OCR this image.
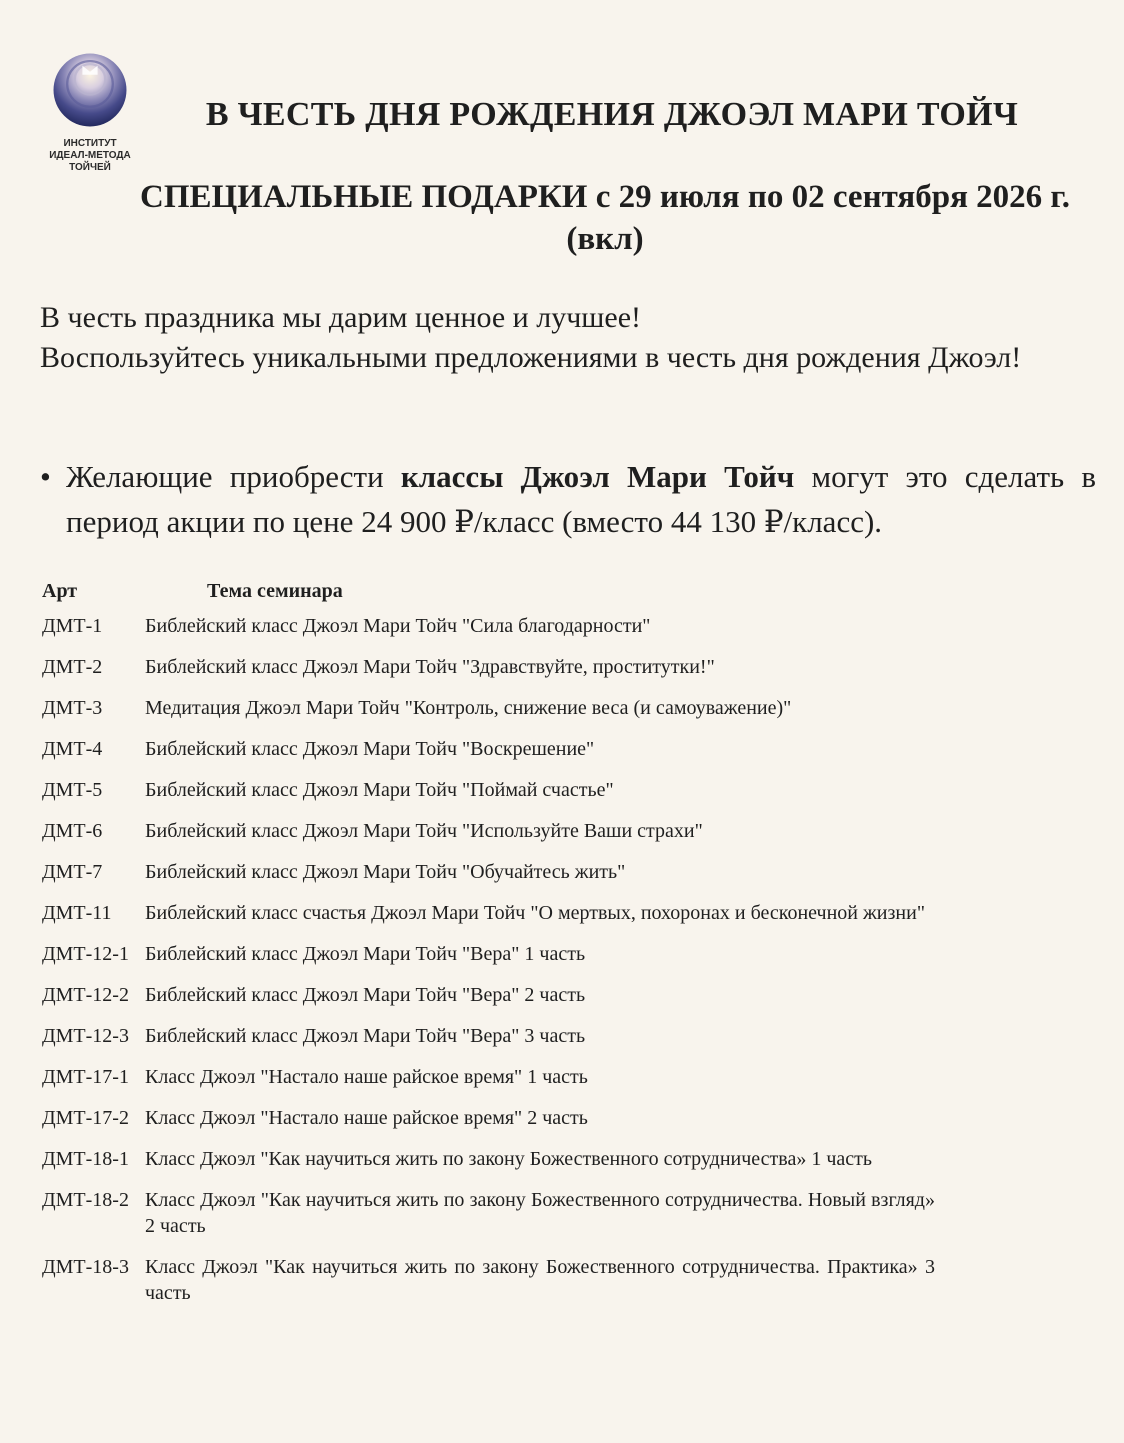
ИНСТИТУТ
ИДЕАЛ-МЕТОДА
ТОЙЧЕЙ
В ЧЕСТЬ ДНЯ РОЖДЕНИЯ ДЖОЭЛ МАРИ ТОЙЧ
СПЕЦИАЛЬНЫЕ ПОДАРКИ с 29 июля по 02 сентября 2026 г.
(вкл)

В честь праздника мы дарим ценное и лучшее!

Воспользуйтесь уникальными предложениями в честь дня рождения Джоэл!

• Желающие приобрести классы Джоэл Мари Тойч могут это сделать в период акции по цене 24 900 ₽/класс (вместо 44 130 ₽/класс).
Арт	Тема семинара
ДМТ-1	Библейский класс Джоэл Мари Тойч "Сила благодарности"
ДМТ-2	Библейский класс Джоэл Мари Тойч "Здравствуйте, проститутки!"
ДМТ-3	Медитация Джоэл Мари Тойч "Контроль, снижение веса (и самоуважение)"
ДМТ-4	Библейский класс Джоэл Мари Тойч "Воскрешение"
ДМТ-5	Библейский класс Джоэл Мари Тойч "Поймай счастье"
ДМТ-6	Библейский класс Джоэл Мари Тойч "Используйте Ваши страхи"
ДМТ-7	Библейский класс Джоэл Мари Тойч "Обучайтесь жить"
ДМТ-11	Библейский класс счастья Джоэл Мари Тойч "О мертвых, похоронах и бесконечной жизни"
ДМТ-12-1 Библейский класс Джоэл Мари Тойч "Вера" 1 часть
ДМТ-12-2 Библейский класс Джоэл Мари Тойч "Вера" 2 часть
ДМТ-12-3 Библейский класс Джоэл Мари Тойч "Вера" 3 часть
ДМТ-17-1 Класс Джоэл "Настало наше райское время" 1 часть
ДМТ-17-2 Класс Джоэл "Настало наше райское время" 2 часть
ДМТ-18-1 Класс Джоэл "Как научиться жить по закону Божественного сотрудничества» 1 часть
ДМТ-18-2 Класс Джоэл "Как научиться жить по закону Божественного сотрудничества. Новый взгляд» 2 часть
ДМТ-18-3 Класс Джоэл "Как научиться жить по закону Божественного сотрудничества. Практика» 3 часть
